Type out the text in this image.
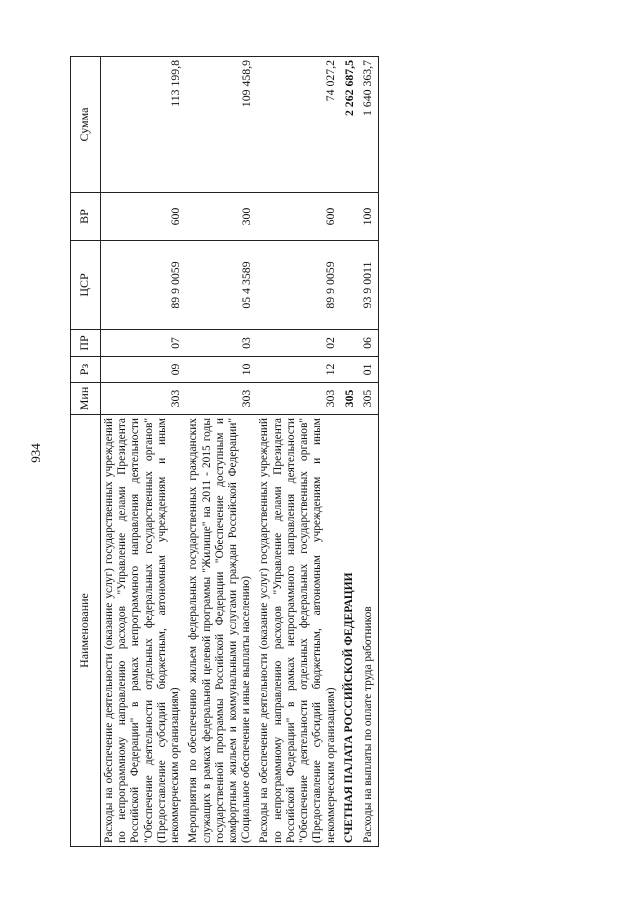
934
Наименование	Мин	Рз	ПР	ЦСР	ВР	Сумма
Расходы на обеспечение деятельности (оказание услуг) государственных учреждений по непрограммному направлению расходов "Управление делами Президента Российской Федерации" в рамках непрограммного направления деятельности "Обеспечение деятельности отдельных федеральных государственных органов" (Предоставление субсидий бюджетным, автономным учреждениям и иным некоммерческим организациям)	303	09	07	89 9 0059	600	113 199,8
Мероприятия по обеспечению жильем федеральных государственных гражданских служащих в рамках федеральной целевой программы "Жилище" на 2011 - 2015 годы государственной программы Российской Федерации "Обеспечение доступным и комфортным жильем и коммунальными услугами граждан Российской Федерации" (Социальное обеспечение и иные выплаты населению)	303	10	03	05 4 3589	300	109 458,9
Расходы на обеспечение деятельности (оказание услуг) государственных учреждений по непрограммному направлению расходов "Управление делами Президента Российской Федерации" в рамках непрограммного направления деятельности "Обеспечение деятельности отдельных федеральных государственных органов" (Предоставление субсидий бюджетным, автономным учреждениям и иным некоммерческим организациям)	303	12	02	89 9 0059	600	74 027,2
СЧЕТНАЯ ПАЛАТА РОССИЙСКОЙ ФЕДЕРАЦИИ	305					2 262 687,5
Расходы на выплаты по оплате труда работников	305	01	06	93 9 0011	100	1 640 363,7
